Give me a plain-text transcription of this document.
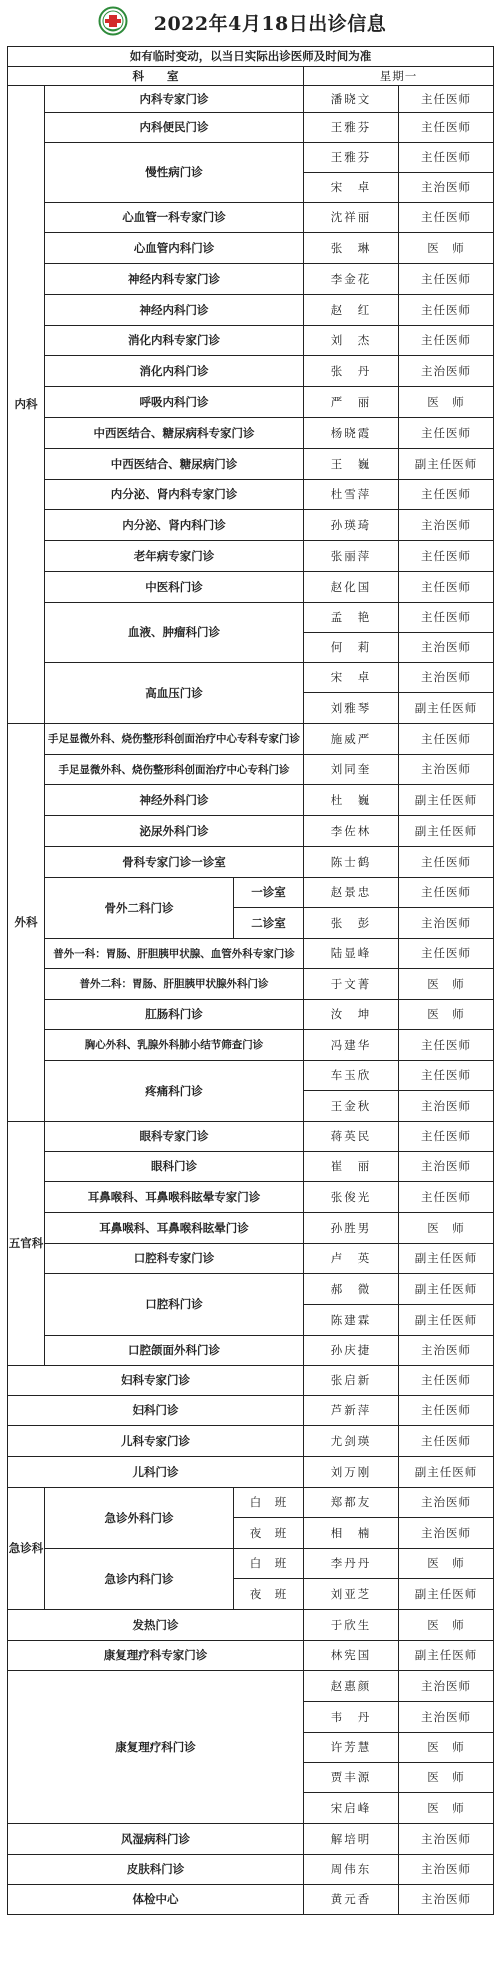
2022年4月18日出诊信息
如有临时变动，以当日实际出诊医师及时间为准				
科　　室			星期一	
内科	内科专家门诊		潘晓文	主任医师
	内科便民门诊		王雅芬	主任医师
	慢性病门诊		王雅芬	主任医师
			宋　卓	主治医师
	心血管一科专家门诊		沈祥丽	主任医师
	心血管内科门诊		张　琳	医　师
	神经内科专家门诊		李金花	主任医师
	神经内科门诊		赵　红	主任医师
	消化内科专家门诊		刘　杰	主任医师
	消化内科门诊		张　丹	主治医师
	呼吸内科门诊		严　丽	医　师
	中西医结合、糖尿病科专家门诊		杨晓霞	主任医师
	中西医结合、糖尿病门诊		王　巍	副主任医师
	内分泌、肾内科专家门诊		杜雪萍	主任医师
	内分泌、肾内科门诊		孙瑛琦	主治医师
	老年病专家门诊		张丽萍	主任医师
	中医科门诊		赵化国	主任医师
	血液、肿瘤科门诊		孟　艳	主任医师
			何　莉	主治医师
	高血压门诊		宋　卓	主治医师
			刘雅琴	副主任医师
外科	手足显微外科、烧伤整形科创面治疗中心专科专家门诊		施威严	主任医师
	手足显微外科、烧伤整形科创面治疗中心专科门诊		刘同奎	主治医师
	神经外科门诊		杜　巍	副主任医师
	泌尿外科门诊		李佐林	副主任医师
	骨科专家门诊一诊室		陈士鹤	主任医师
	骨外二科门诊	一诊室	赵景忠	主任医师
		二诊室	张　彭	主治医师
	普外一科：胃肠、肝胆胰甲状腺、血管外科专家门诊		陆显峰	主任医师
	普外二科：胃肠、肝胆胰甲状腺外科门诊		于文菁	医　师
	肛肠科门诊		汝　坤	医　师
	胸心外科、乳腺外科肺小结节筛查门诊		冯建华	主任医师
	疼痛科门诊		车玉欣	主任医师
			王金秋	主治医师
五官科	眼科专家门诊		蒋英民	主任医师
	眼科门诊		崔　丽	主治医师
	耳鼻喉科、耳鼻喉科眩晕专家门诊		张俊光	主任医师
	耳鼻喉科、耳鼻喉科眩晕门诊		孙胜男	医　师
	口腔科专家门诊		卢　英	副主任医师
	口腔科门诊		郝　微	副主任医师
			陈建霖	副主任医师
	口腔颌面外科门诊		孙庆捷	主治医师
妇科专家门诊			张启新	主任医师
妇科门诊			芦新萍	主任医师
儿科专家门诊			尤剑瑛	主任医师
儿科门诊			刘万刚	副主任医师
急诊科	急诊外科门诊	白　班	郑都友	主治医师
		夜　班	相　楠	主治医师
	急诊内科门诊	白　班	李丹丹	医　师
		夜　班	刘亚芝	副主任医师
发热门诊			于欣生	医　师
康复理疗科专家门诊			林宪国	副主任医师
康复理疗科门诊			赵惠颜	主治医师
			韦　丹	主治医师
			许芳慧	医　师
			贾丰源	医　师
			宋启峰	医　师
风湿病科门诊			解培明	主治医师
皮肤科门诊			周伟东	主治医师
体检中心			黄元香	主治医师
